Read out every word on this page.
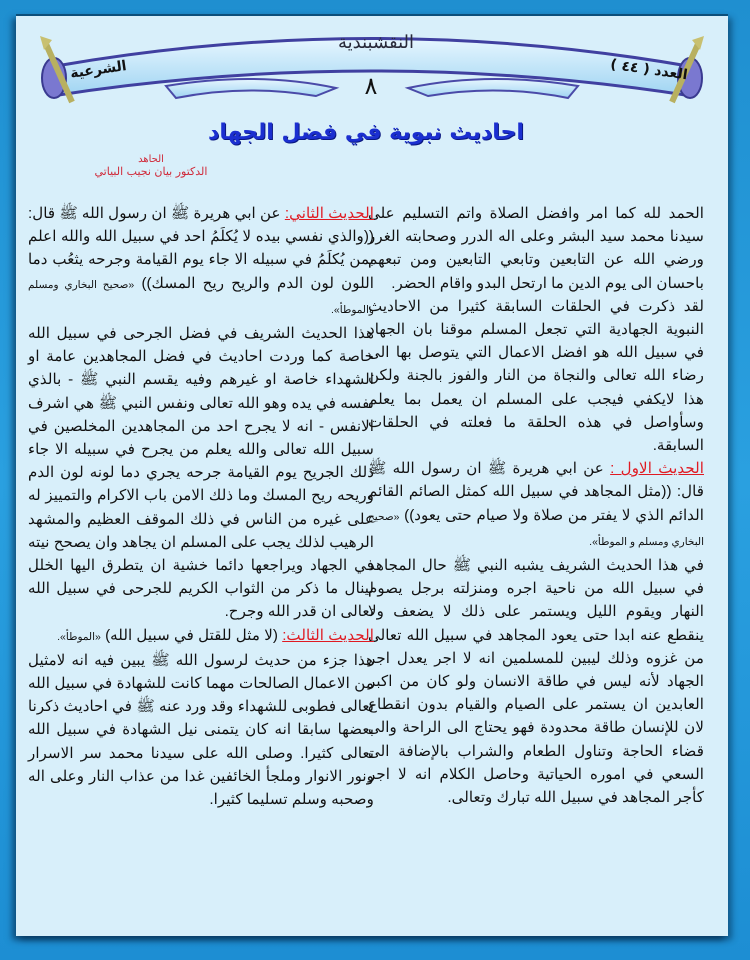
النقشبندية
الشرعية	العدد ( ٤٤ )
٨
احاديث نبوية في فضل الجهاد
الحاهد
الدكتور بيان نجيب البياتي

الحمد لله كما امر وافضل الصلاة واتم التسليم على سيدنا محمد سيد البشر وعلى اله الدرر وصحابته الغرر ورضي الله عن التابعين وتابعي التابعين ومن تبعهم باحسان الى يوم الدين ما ارتحل البدو واقام الحضر.

لقد ذكرت في الحلقات السابقة كثيرا من الاحاديث النبوية الجهادية التي تجعل المسلم موقنا بان الجهاد في سبيل الله هو افضل الاعمال التي يتوصل بها الى رضاء الله تعالى والنجاة من النار والفوز بالجنة ولكن هذا لايكفي فيجب على المسلم ان يعمل بما يعلم وسأواصل في هذه الحلقة ما فعلته في الحلقات السابقة.

الحديث الاول : عن ابي هريرة ﷺ ان رسول الله ﷺ قال: ((مثل المجاهد في سبيل الله كمثل الصائم القائم الدائم الذي لا يفتر من صلاة ولا صيام حتى يعود)) «صحيح البخاري ومسلم و الموطأ».

في هذا الحديث الشريف يشبه النبي ﷺ حال المجاهد في سبيل الله من ناحية اجره ومنزلته برجل يصوم النهار ويقوم الليل ويستمر على ذلك لا يضعف ولا ينقطع عنه ابدا حتى يعود المجاهد في سبيل الله تعالى من غزوه وذلك ليبين للمسلمين انه لا اجر يعدل اجر الجهاد لأنه ليس في طاقة الانسان ولو كان من اكبر العابدين ان يستمر على الصيام والقيام بدون انقطاع لان للإنسان طاقة محدودة فهو يحتاج الى الراحة والى قضاء الحاجة وتناول الطعام والشراب بالإضافة الى السعي في اموره الحياتية وحاصل الكلام انه لا اجر كأجر المجاهد في سبيل الله تبارك وتعالى.

الحديث الثاني: عن ابي هريرة ﷺ ان رسول الله ﷺ قال: ((والذي نفسي بيده لا يُكلَمُ احد في سبيل الله والله اعلم بمن يُكلَمُ في سبيله الا جاء يوم القيامة وجرحه يثعُب دما اللون لون الدم والريح ريح المسك)) «صحيح البخاري ومسلم والموطأ».

هذا الحديث الشريف في فضل الجرحى في سبيل الله خاصة كما وردت احاديث في فضل المجاهدين عامة او الشهداء خاصة او غيرهم وفيه يقسم النبي ﷺ - بالذي نفسه في يده وهو الله تعالى ونفس النبي ﷺ هي اشرف الانفس - انه لا يجرح احد من المجاهدين المخلصين في سبيل الله تعالى والله يعلم من يجرح في سبيله الا جاء ذلك الجريح يوم القيامة جرحه يجري دما لونه لون الدم وريحه ريح المسك وما ذلك الامن باب الاكرام والتمييز له على غيره من الناس في ذلك الموقف العظيم والمشهد الرهيب لذلك يجب على المسلم ان يجاهد وان يصحح نيته في الجهاد ويراجعها دائما خشية ان يتطرق اليها الخلل لينال ما ذكر من الثواب الكريم للجرحى في سبيل الله تعالى ان قدر الله وجرح.

الحديث الثالث: (لا مثل للقتل في سبيل الله) «الموطأ».

هذا جزء من حديث لرسول الله ﷺ يبين فيه انه لامثيل من الاعمال الصالحات مهما كانت للشهادة في سبيل الله تعالى فطوبى للشهداء وقد ورد عنه ﷺ في احاديث ذكرنا بعضها سابقا انه كان يتمنى نيل الشهادة في سبيل الله تعالى كثيرا. وصلى الله على سيدنا محمد سر الاسرار ونور الانوار وملجأ الخائفين غدا من عذاب النار وعلى اله وصحبه وسلم تسليما كثيرا.
